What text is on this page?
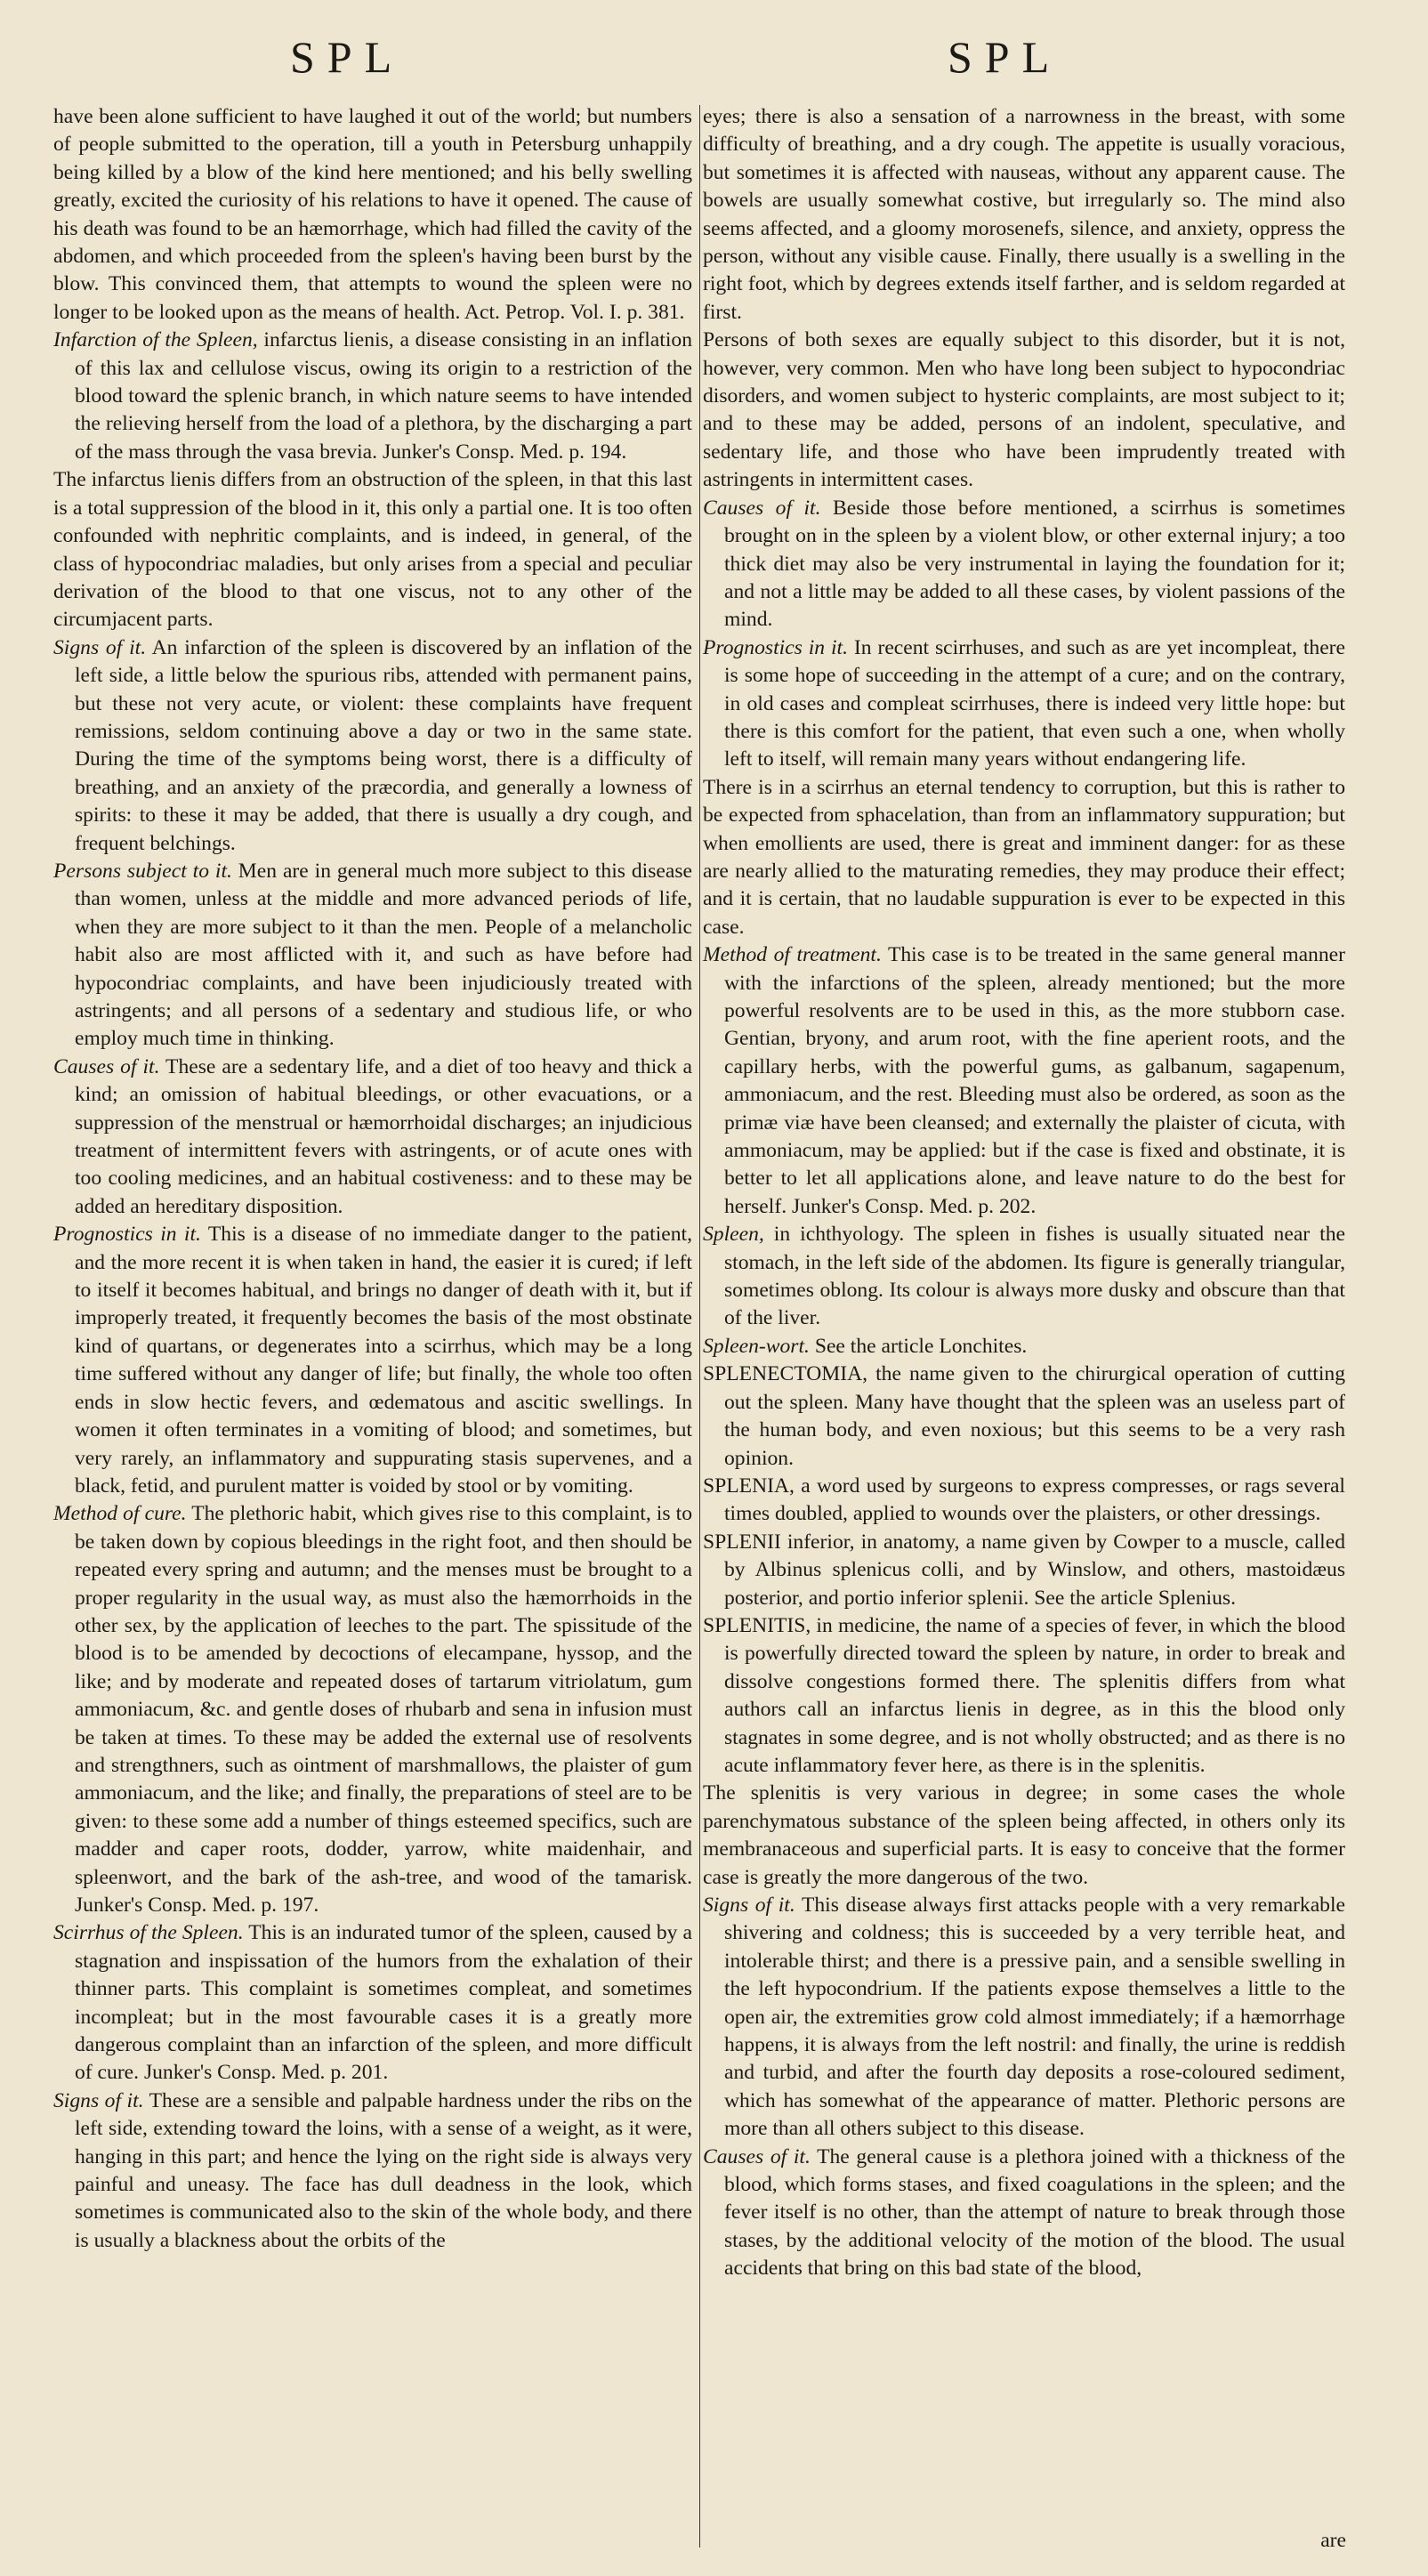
SPL	SPL

have been alone sufficient to have laughed it out of the world; but numbers of people submitted to the operation, till a youth in Petersburg unhappily being killed by a blow of the kind here mentioned; and his belly swelling greatly, excited the curiosity of his relations to have it opened. The cause of his death was found to be an hæmorrhage, which had filled the cavity of the abdomen, and which proceeded from the spleen's having been burst by the blow. This convinced them, that attempts to wound the spleen were no longer to be looked upon as the means of health. Act. Petrop. Vol. I. p. 381.

Infarction of the Spleen, infarctus lienis, a disease consisting in an inflation of this lax and cellulose viscus, owing its origin to a restriction of the blood toward the splenic branch, in which nature seems to have intended the relieving herself from the load of a plethora, by the discharging a part of the mass through the vasa brevia. Junker's Consp. Med. p. 194.

The infarctus lienis differs from an obstruction of the spleen, in that this last is a total suppression of the blood in it, this only a partial one. It is too often confounded with nephritic complaints, and is indeed, in general, of the class of hypocondriac maladies, but only arises from a special and peculiar derivation of the blood to that one viscus, not to any other of the circumjacent parts.

Signs of it. An infarction of the spleen is discovered by an inflation of the left side, a little below the spurious ribs, attended with permanent pains, but these not very acute, or violent: these complaints have frequent remissions, seldom continuing above a day or two in the same state. During the time of the symptoms being worst, there is a difficulty of breathing, and an anxiety of the præcordia, and generally a lowness of spirits: to these it may be added, that there is usually a dry cough, and frequent belchings.

Persons subject to it. Men are in general much more subject to this disease than women, unless at the middle and more advanced periods of life, when they are more subject to it than the men. People of a melancholic habit also are most afflicted with it, and such as have before had hypocondriac complaints, and have been injudiciously treated with astringents; and all persons of a sedentary and studious life, or who employ much time in thinking.

Causes of it. These are a sedentary life, and a diet of too heavy and thick a kind; an omission of habitual bleedings, or other evacuations, or a suppression of the menstrual or hæmorrhoidal discharges; an injudicious treatment of intermittent fevers with astringents, or of acute ones with too cooling medicines, and an habitual costiveness: and to these may be added an hereditary disposition.

Prognostics in it. This is a disease of no immediate danger to the patient, and the more recent it is when taken in hand, the easier it is cured; if left to itself it becomes habitual, and brings no danger of death with it, but if improperly treated, it frequently becomes the basis of the most obstinate kind of quartans, or degenerates into a scirrhus, which may be a long time suffered without any danger of life; but finally, the whole too often ends in slow hectic fevers, and œdematous and ascitic swellings. In women it often terminates in a vomiting of blood; and sometimes, but very rarely, an inflammatory and suppurating stasis supervenes, and a black, fetid, and purulent matter is voided by stool or by vomiting.

Method of cure. The plethoric habit, which gives rise to this complaint, is to be taken down by copious bleedings in the right foot, and then should be repeated every spring and autumn; and the menses must be brought to a proper regularity in the usual way, as must also the hæmorrhoids in the other sex, by the application of leeches to the part. The spissitude of the blood is to be amended by decoctions of elecampane, hyssop, and the like; and by moderate and repeated doses of tartarum vitriolatum, gum ammoniacum, &c. and gentle doses of rhubarb and sena in infusion must be taken at times. To these may be added the external use of resolvents and strengthners, such as ointment of marshmallows, the plaister of gum ammoniacum, and the like; and finally, the preparations of steel are to be given: to these some add a number of things esteemed specifics, such are madder and caper roots, dodder, yarrow, white maidenhair, and spleenwort, and the bark of the ash-tree, and wood of the tamarisk. Junker's Consp. Med. p. 197.

Scirrhus of the Spleen. This is an indurated tumor of the spleen, caused by a stagnation and inspissation of the humors from the exhalation of their thinner parts. This complaint is sometimes compleat, and sometimes incompleat; but in the most favourable cases it is a greatly more dangerous complaint than an infarction of the spleen, and more difficult of cure. Junker's Consp. Med. p. 201.

Signs of it. These are a sensible and palpable hardness under the ribs on the left side, extending toward the loins, with a sense of a weight, as it were, hanging in this part; and hence the lying on the right side is always very painful and uneasy. The face has dull deadness in the look, which sometimes is communicated also to the skin of the whole body, and there is usually a blackness about the orbits of the

eyes; there is also a sensation of a narrowness in the breast, with some difficulty of breathing, and a dry cough. The appetite is usually voracious, but sometimes it is affected with nauseas, without any apparent cause. The bowels are usually somewhat costive, but irregularly so. The mind also seems affected, and a gloomy morosenefs, silence, and anxiety, oppress the person, without any visible cause. Finally, there usually is a swelling in the right foot, which by degrees extends itself farther, and is seldom regarded at first.

Persons of both sexes are equally subject to this disorder, but it is not, however, very common. Men who have long been subject to hypocondriac disorders, and women subject to hysteric complaints, are most subject to it; and to these may be added, persons of an indolent, speculative, and sedentary life, and those who have been imprudently treated with astringents in intermittent cases.

Causes of it. Beside those before mentioned, a scirrhus is sometimes brought on in the spleen by a violent blow, or other external injury; a too thick diet may also be very instrumental in laying the foundation for it; and not a little may be added to all these cases, by violent passions of the mind.

Prognostics in it. In recent scirrhuses, and such as are yet incompleat, there is some hope of succeeding in the attempt of a cure; and on the contrary, in old cases and compleat scirrhuses, there is indeed very little hope: but there is this comfort for the patient, that even such a one, when wholly left to itself, will remain many years without endangering life.

There is in a scirrhus an eternal tendency to corruption, but this is rather to be expected from sphacelation, than from an inflammatory suppuration; but when emollients are used, there is great and imminent danger: for as these are nearly allied to the maturating remedies, they may produce their effect; and it is certain, that no laudable suppuration is ever to be expected in this case.

Method of treatment. This case is to be treated in the same general manner with the infarctions of the spleen, already mentioned; but the more powerful resolvents are to be used in this, as the more stubborn case. Gentian, bryony, and arum root, with the fine aperient roots, and the capillary herbs, with the powerful gums, as galbanum, sagapenum, ammoniacum, and the rest. Bleeding must also be ordered, as soon as the primæ viæ have been cleansed; and externally the plaister of cicuta, with ammoniacum, may be applied: but if the case is fixed and obstinate, it is better to let all applications alone, and leave nature to do the best for herself. Junker's Consp. Med. p. 202.

Spleen, in ichthyology. The spleen in fishes is usually situated near the stomach, in the left side of the abdomen. Its figure is generally triangular, sometimes oblong. Its colour is always more dusky and obscure than that of the liver.

Spleen-wort. See the article Lonchites.

SPLENECTOMIA, the name given to the chirurgical operation of cutting out the spleen. Many have thought that the spleen was an useless part of the human body, and even noxious; but this seems to be a very rash opinion.

SPLENIA, a word used by surgeons to express compresses, or rags several times doubled, applied to wounds over the plaisters, or other dressings.

SPLENII inferior, in anatomy, a name given by Cowper to a muscle, called by Albinus splenicus colli, and by Winslow, and others, mastoidæus posterior, and portio inferior splenii. See the article Splenius.

SPLENITIS, in medicine, the name of a species of fever, in which the blood is powerfully directed toward the spleen by nature, in order to break and dissolve congestions formed there. The splenitis differs from what authors call an infarctus lienis in degree, as in this the blood only stagnates in some degree, and is not wholly obstructed; and as there is no acute inflammatory fever here, as there is in the splenitis.

The splenitis is very various in degree; in some cases the whole parenchymatous substance of the spleen being affected, in others only its membranaceous and superficial parts. It is easy to conceive that the former case is greatly the more dangerous of the two.

Signs of it. This disease always first attacks people with a very remarkable shivering and coldness; this is succeeded by a very terrible heat, and intolerable thirst; and there is a pressive pain, and a sensible swelling in the left hypocondrium. If the patients expose themselves a little to the open air, the extremities grow cold almost immediately; if a hæmorrhage happens, it is always from the left nostril: and finally, the urine is reddish and turbid, and after the fourth day deposits a rose-coloured sediment, which has somewhat of the appearance of matter. Plethoric persons are more than all others subject to this disease.

Causes of it. The general cause is a plethora joined with a thickness of the blood, which forms stases, and fixed coagulations in the spleen; and the fever itself is no other, than the attempt of nature to break through those stases, by the additional velocity of the motion of the blood. The usual accidents that bring on this bad state of the blood,

are
